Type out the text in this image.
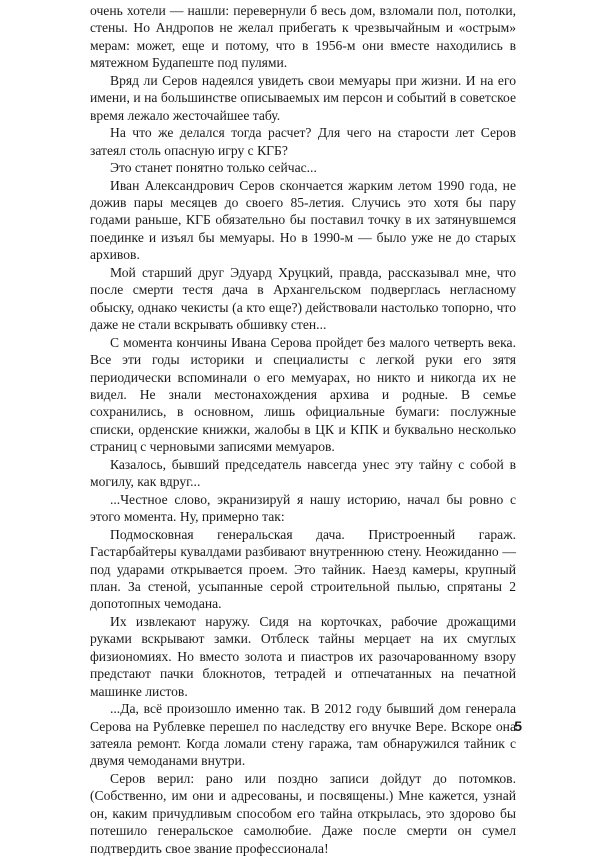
очень хотели — нашли: перевернули б весь дом, взломали пол, потолки, стены. Но Андропов не желал прибегать к чрезвычайным и «острым» мерам: может, еще и потому, что в 1956-м они вместе находились в мятежном Будапеште под пулями.

Вряд ли Серов надеялся увидеть свои мемуары при жизни. И на его имени, и на большинстве описываемых им персон и событий в советское время лежало жесточайшее табу.

На что же делался тогда расчет? Для чего на старости лет Серов затеял столь опасную игру с КГБ?

Это станет понятно только сейчас...

Иван Александрович Серов скончается жарким летом 1990 года, не дожив пары месяцев до своего 85-летия. Случись это хотя бы пару годами раньше, КГБ обязательно бы поставил точку в их затянувшемся поединке и изъял бы мемуары. Но в 1990-м — было уже не до старых архивов.

Мой старший друг Эдуард Хруцкий, правда, рассказывал мне, что после смерти тестя дача в Архангельском подверглась негласному обыску, однако чекисты (а кто еще?) действовали настолько топорно, что даже не стали вскрывать обшивку стен...

С момента кончины Ивана Серова пройдет без малого четверть века. Все эти годы историки и специалисты с легкой руки его зятя периодически вспоминали о его мемуарах, но никто и никогда их не видел. Не знали местонахождения архива и родные. В семье сохранились, в основном, лишь официальные бумаги: послужные списки, орденские книжки, жалобы в ЦК и КПК и буквально несколько страниц с черновыми записями мемуаров.

Казалось, бывший председатель навсегда унес эту тайну с собой в могилу, как вдруг...

...Честное слово, экранизируй я нашу историю, начал бы ровно с этого момента. Ну, примерно так:

Подмосковная генеральская дача. Пристроенный гараж. Гастарбайтеры кувалдами разбивают внутреннюю стену. Неожиданно — под ударами открывается проем. Это тайник. Наезд камеры, крупный план. За стеной, усыпанные серой строительной пылью, спрятаны 2 допотопных чемодана.

Их извлекают наружу. Сидя на корточках, рабочие дрожащими руками вскрывают замки. Отблеск тайны мерцает на их смуглых физиономиях. Но вместо золота и пиастров их разочарованному взору предстают пачки блокнотов, тетрадей и отпечатанных на печатной машинке листов.

...Да, всё произошло именно так. В 2012 году бывший дом генерала Серова на Рублевке перешел по наследству его внучке Вере. Вскоре она затеяла ремонт. Когда ломали стену гаража, там обнаружился тайник с двумя чемоданами внутри.

Серов верил: рано или поздно записи дойдут до потомков. (Собственно, им они и адресованы, и посвящены.) Мне кажется, узнай он, каким причудливым способом его тайна открылась, это здорово бы потешило генеральское самолюбие. Даже после смерти он сумел подтвердить свое звание профессионала!

5
